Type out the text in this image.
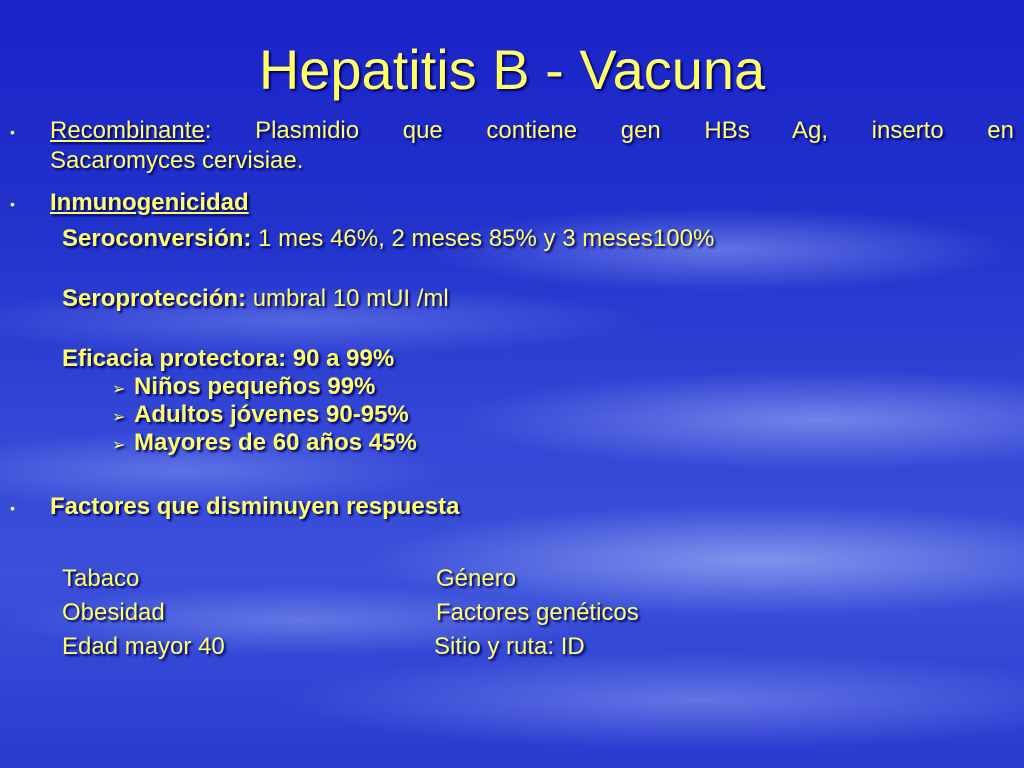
Hepatitis B - Vacuna
• Recombinante: Plasmidio que contiene gen HBs Ag, inserto en
Sacaromyces cervisiae.
• Inmunogenicidad
Seroconversión: 1 mes 46%, 2 meses 85% y 3 meses100%
Seroprotección: umbral 10 mUI /ml
Eficacia protectora: 90 a 99%
➢ Niños pequeños 99%
➢ Adultos jóvenes 90-95%
➢ Mayores de 60 años 45%
• Factores que disminuyen respuesta
Tabaco
Obesidad
Edad mayor 40
Género
Factores genéticos
Sitio y ruta: ID
